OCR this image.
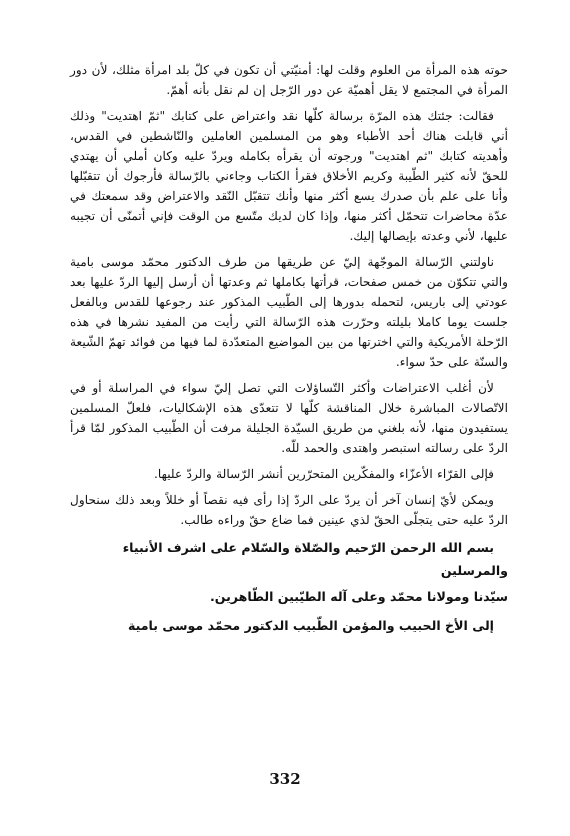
حوته هذه المرأة من العلوم وقلت لها: أمنيّتي أن تكون في كلّ بلد امرأة مثلك، لأن دور المرأة في المجتمع لا يقل أهميّة عن دور الرّجل إن لم نقل بأنه أهمّ.

فقالت: جئتك هذه المرّة برسالة كلّها نقد واعتراض على كتابك "ثمّ اهتديت" وذلك أني قابلت هناك أحد الأطباء وهو من المسلمين العاملين والنّاشطين في القدس، وأهديته كتابك "ثم اهتديت" ورجوته أن يقرأه بكامله ويردّ عليه وكان أملي أن يهتدي للحقّ لأنه كثير الطّيبة وكريم الأخلاق فقرأ الكتاب وجاءني بالرّسالة فأرجوك أن تتقبّلها وأنا على علم بأن صدرك يسع أكثر منها وأنك تتقبّل النّقد والاعتراض وقد سمعتك في عدّة محاضرات تتحمّل أكثر منها، وإذا كان لديك متّسع من الوقت فإني أتمنّى أن تجيبه عليها، لأني وعدته بإيصالها إليك.

ناولتني الرّسالة الموجّهة إليّ عن طريقها من طرف الدكتور محمّد موسى بامية والتي تتكوّن من خمس صفحات، قرأتها بكاملها ثم وعدتها أن أرسل إليها الردّ عليها بعد عودتي إلى باريس، لتحمله بدورها إلى الطّبيب المذكور عند رجوعها للقدس وبالفعل جلست يوما كاملا بليلته وحرّرت هذه الرّسالة التي رأيت من المفيد نشرها في هذه الرّحلة الأمريكية والتي اخترتها من بين المواضيع المتعدّدة لما فيها من فوائد تهمّ الشّيعة والسنّة على حدّ سواء.

لأن أغلب الاعتراضات وأكثر التّساؤلات التي تصل إليّ سواء في المراسلة أو في الاتّصالات المباشرة خلال المناقشة كلّها لا تتعدّى هذه الإشكاليات، فلعلّ المسلمين يستفيدون منها، لأنه بلغني من طريق السيّدة الجليلة مرفت أن الطّبيب المذكور لمّا قرأ الردّ على رسالته استبصر واهتدى والحمد للّه.

فإلى القرّاء الأعزّاء والمفكّرين المتحرّرين أنشر الرّسالة والردّ عليها.

ويمكن لأيّ إنسان آخر أن يردّ على الردّ إذا رأى فيه نقصاً أو خللاً وبعد ذلك سنحاول الردّ عليه حتى يتجلّى الحقّ لذي عينين فما ضاع حقّ وراءه طالب.

بسم الله الرحمن الرّحيم والصّلاة والسّلام على اشرف الأنبياء والمرسلين

سيّدنا ومولانا محمّد وعلى آله الطيّبين الطّاهرين.

إلى الأخ الحبيب والمؤمن الطّبيب الدكتور محمّد موسى بامية

332
